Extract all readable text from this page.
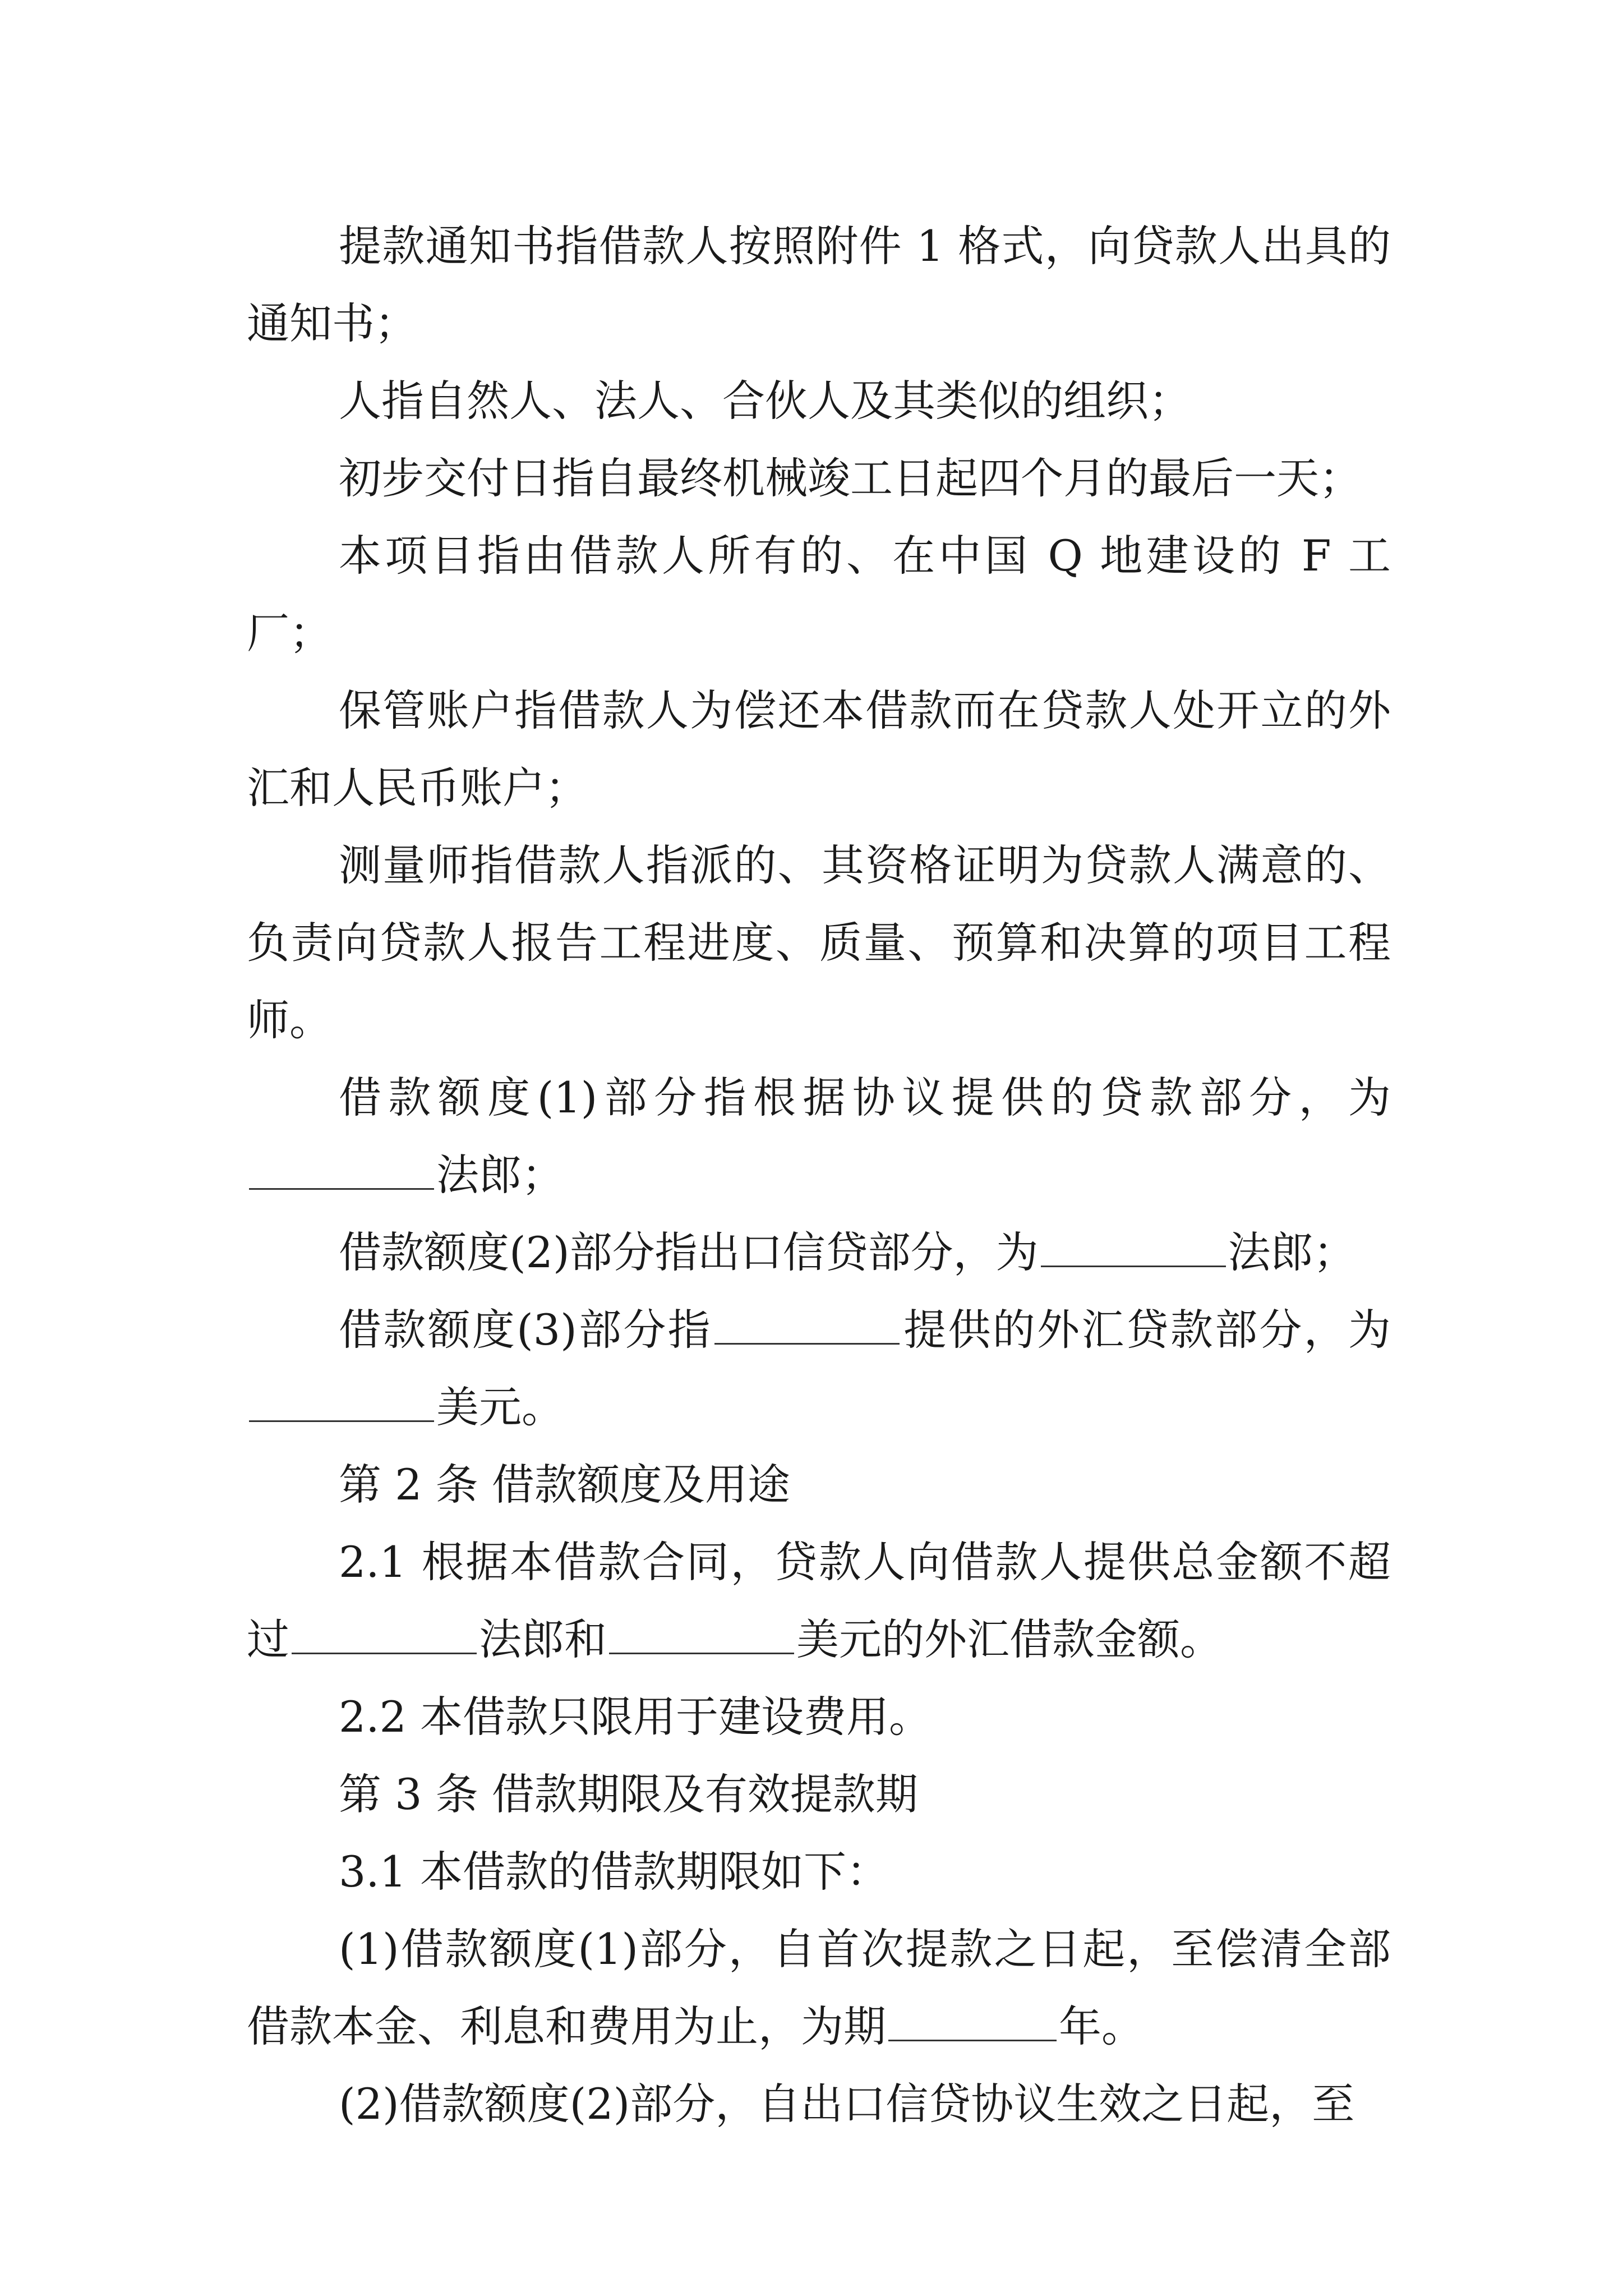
提款通知书指借款人按照附件 1 格式，向贷款人出具的通知书；

人指自然人、法人、合伙人及其类似的组织；

初步交付日指自最终机械竣工日起四个月的最后一天；

本项目指由借款人所有的、在中国 Q 地建设的 F 工厂；

保管账户指借款人为偿还本借款而在贷款人处开立的外汇和人民币账户；

测量师指借款人指派的、其资格证明为贷款人满意的、负责向贷款人报告工程进度、质量、预算和决算的项目工程师。

借款额度(1)部分指根据协议提供的贷款部分，为法郎；

借款额度(2)部分指出口信贷部分，为	法郎；

借款额度(3)部分指	提供的外汇贷款部分，为美元。

第 2 条 借款额度及用途

2.1 根据本借款合同，贷款人向借款人提供总金额不超过	法郎和	美元的外汇借款金额。

2.2 本借款只限用于建设费用。

第 3 条 借款期限及有效提款期

3.1 本借款的借款期限如下：

(1)借款额度(1)部分，自首次提款之日起，至偿清全部借款本金、利息和费用为止，为期	年。

(2)借款额度(2)部分，自出口信贷协议生效之日起，至
